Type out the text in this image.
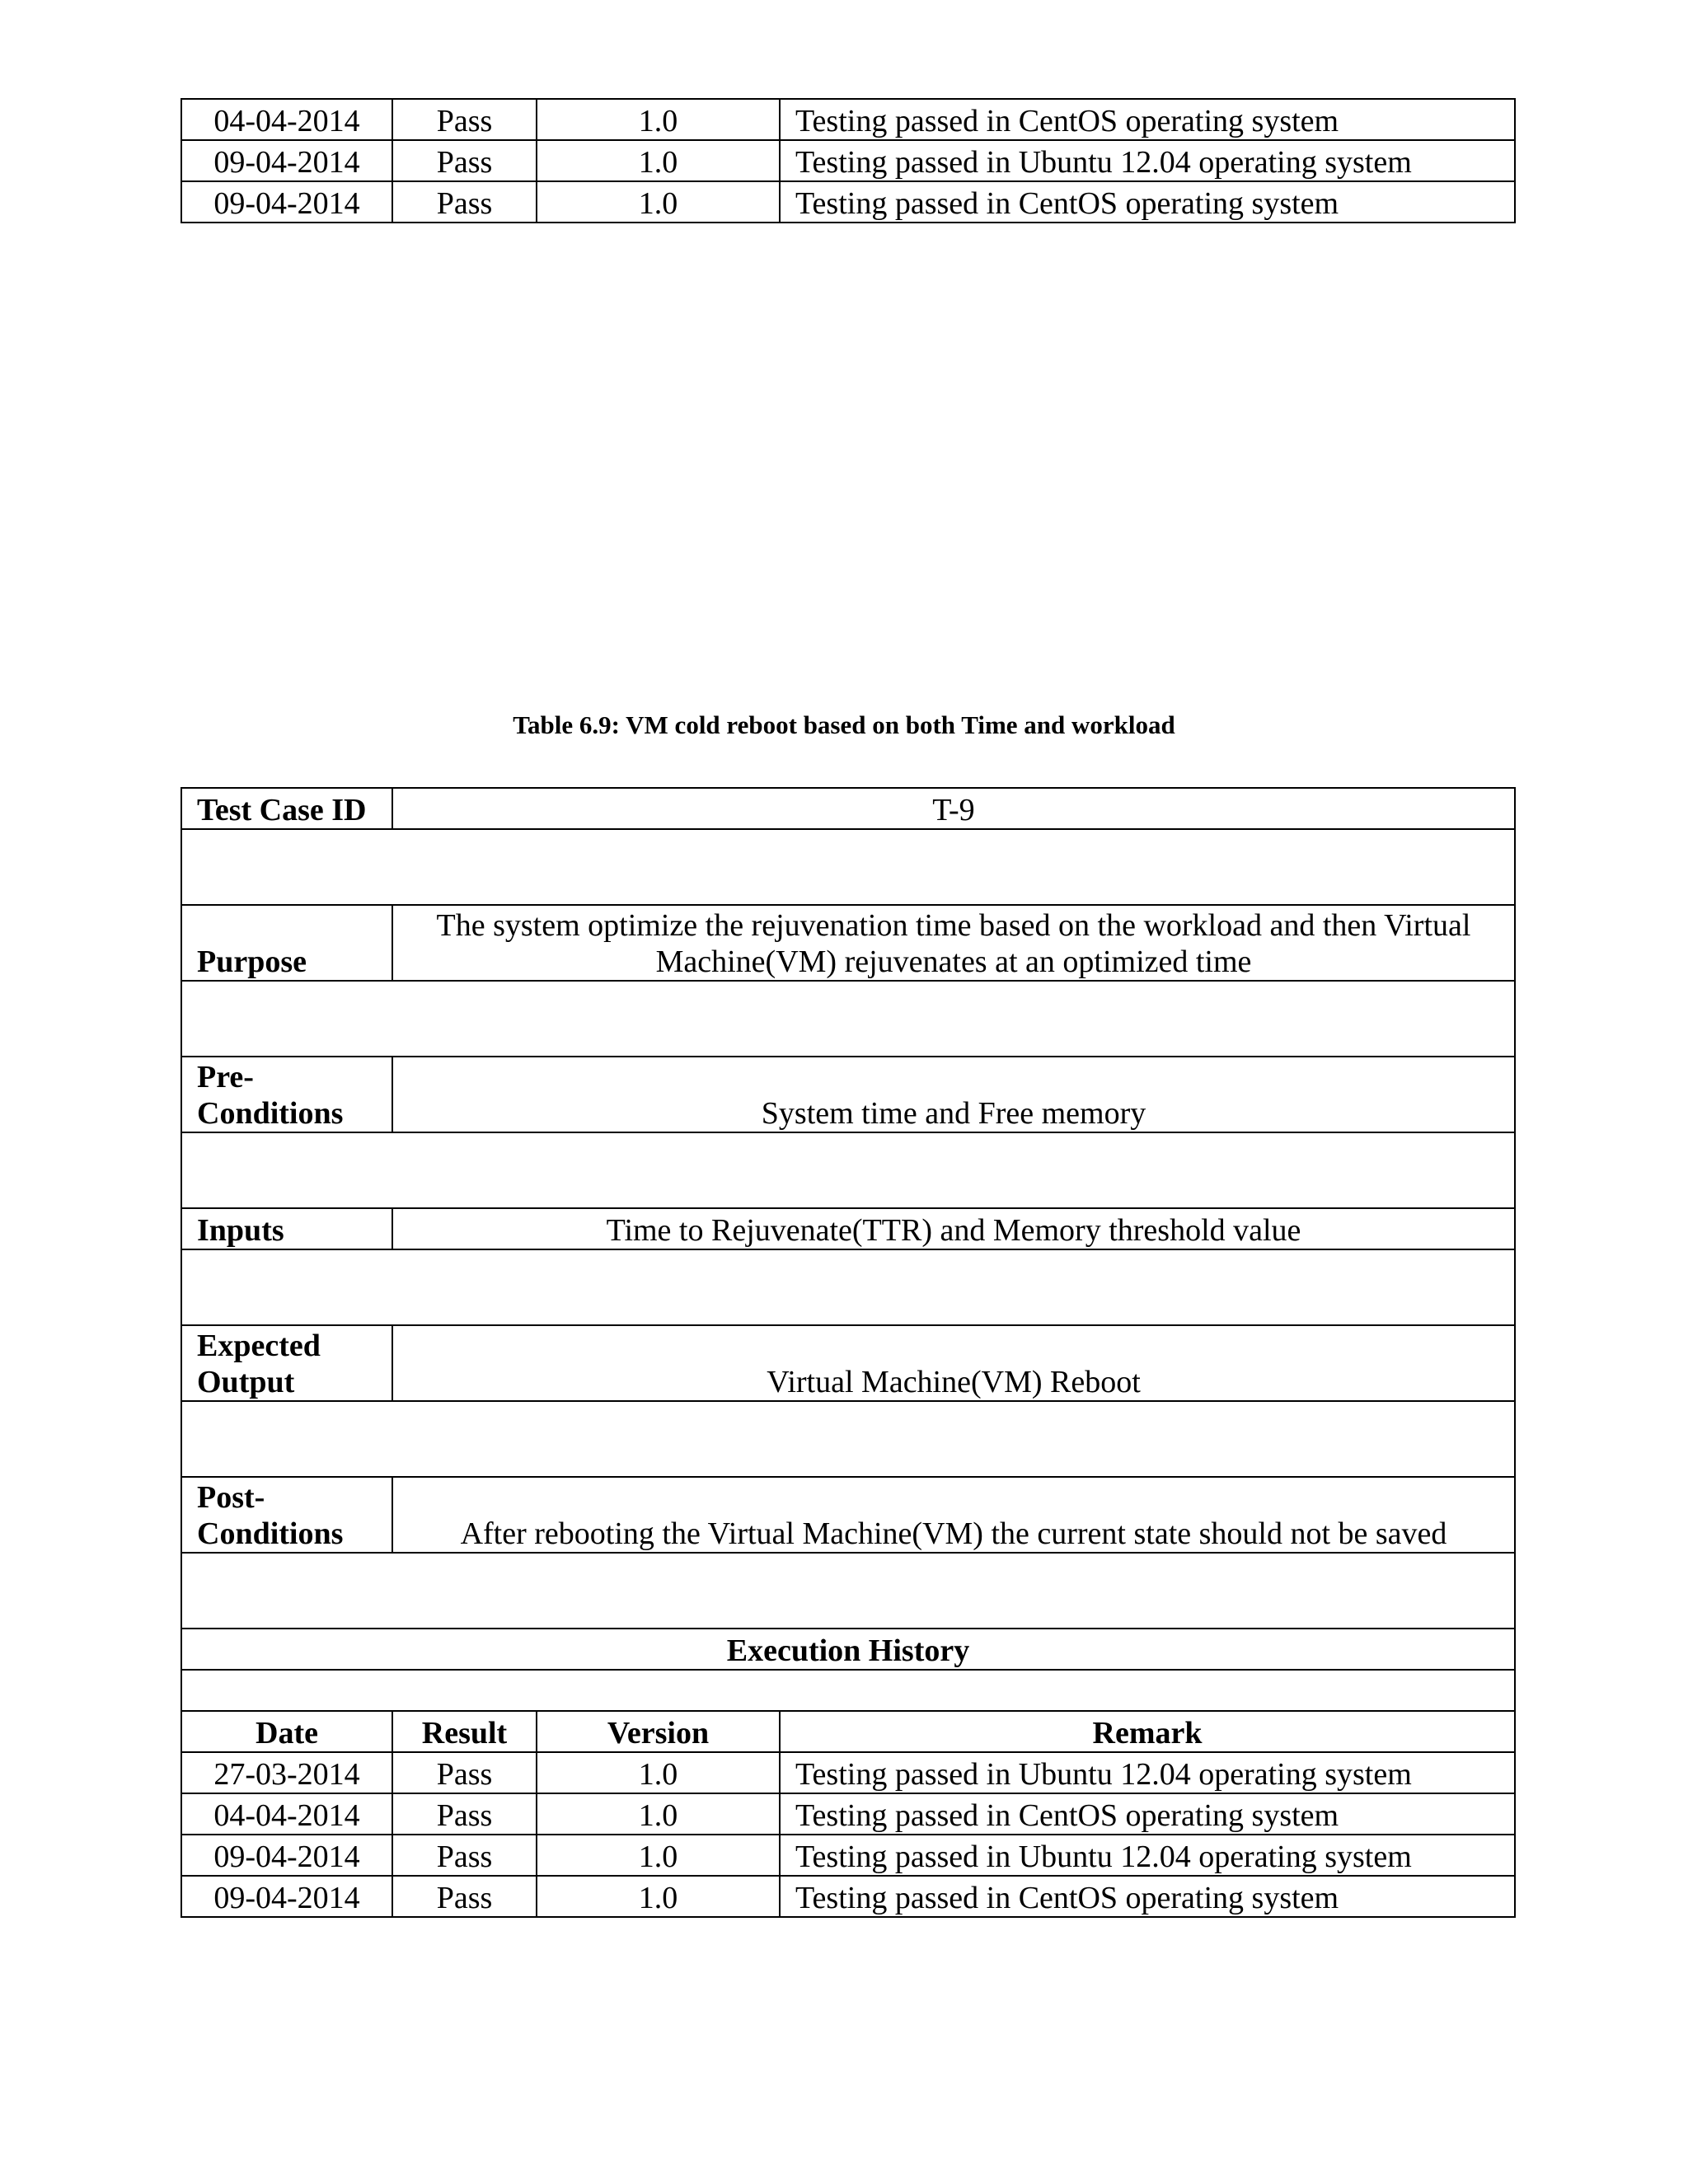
04-04-2014	Pass	1.0	Testing passed in CentOS operating system
09-04-2014	Pass	1.0	Testing passed in Ubuntu 12.04 operating system
09-04-2014	Pass	1.0	Testing passed in CentOS operating system
Table 6.9: VM cold reboot based on both Time and workload
Test Case ID	T-9		

Purpose	The system optimize the rejuvenation time based on the workload and then Virtual Machine(VM) rejuvenates at an optimized time		

Pre-
Conditions	System time and Free memory		

Inputs	Time to Rejuvenate(TTR) and Memory threshold value		

Expected
Output	Virtual Machine(VM) Reboot		

Post-
Conditions	After rebooting the Virtual Machine(VM) the current state should not be saved		

Execution History			

Date	Result	Version	Remark
27-03-2014	Pass	1.0	Testing passed in Ubuntu 12.04 operating system
04-04-2014	Pass	1.0	Testing passed in CentOS operating system
09-04-2014	Pass	1.0	Testing passed in Ubuntu 12.04 operating system
09-04-2014	Pass	1.0	Testing passed in CentOS operating system
